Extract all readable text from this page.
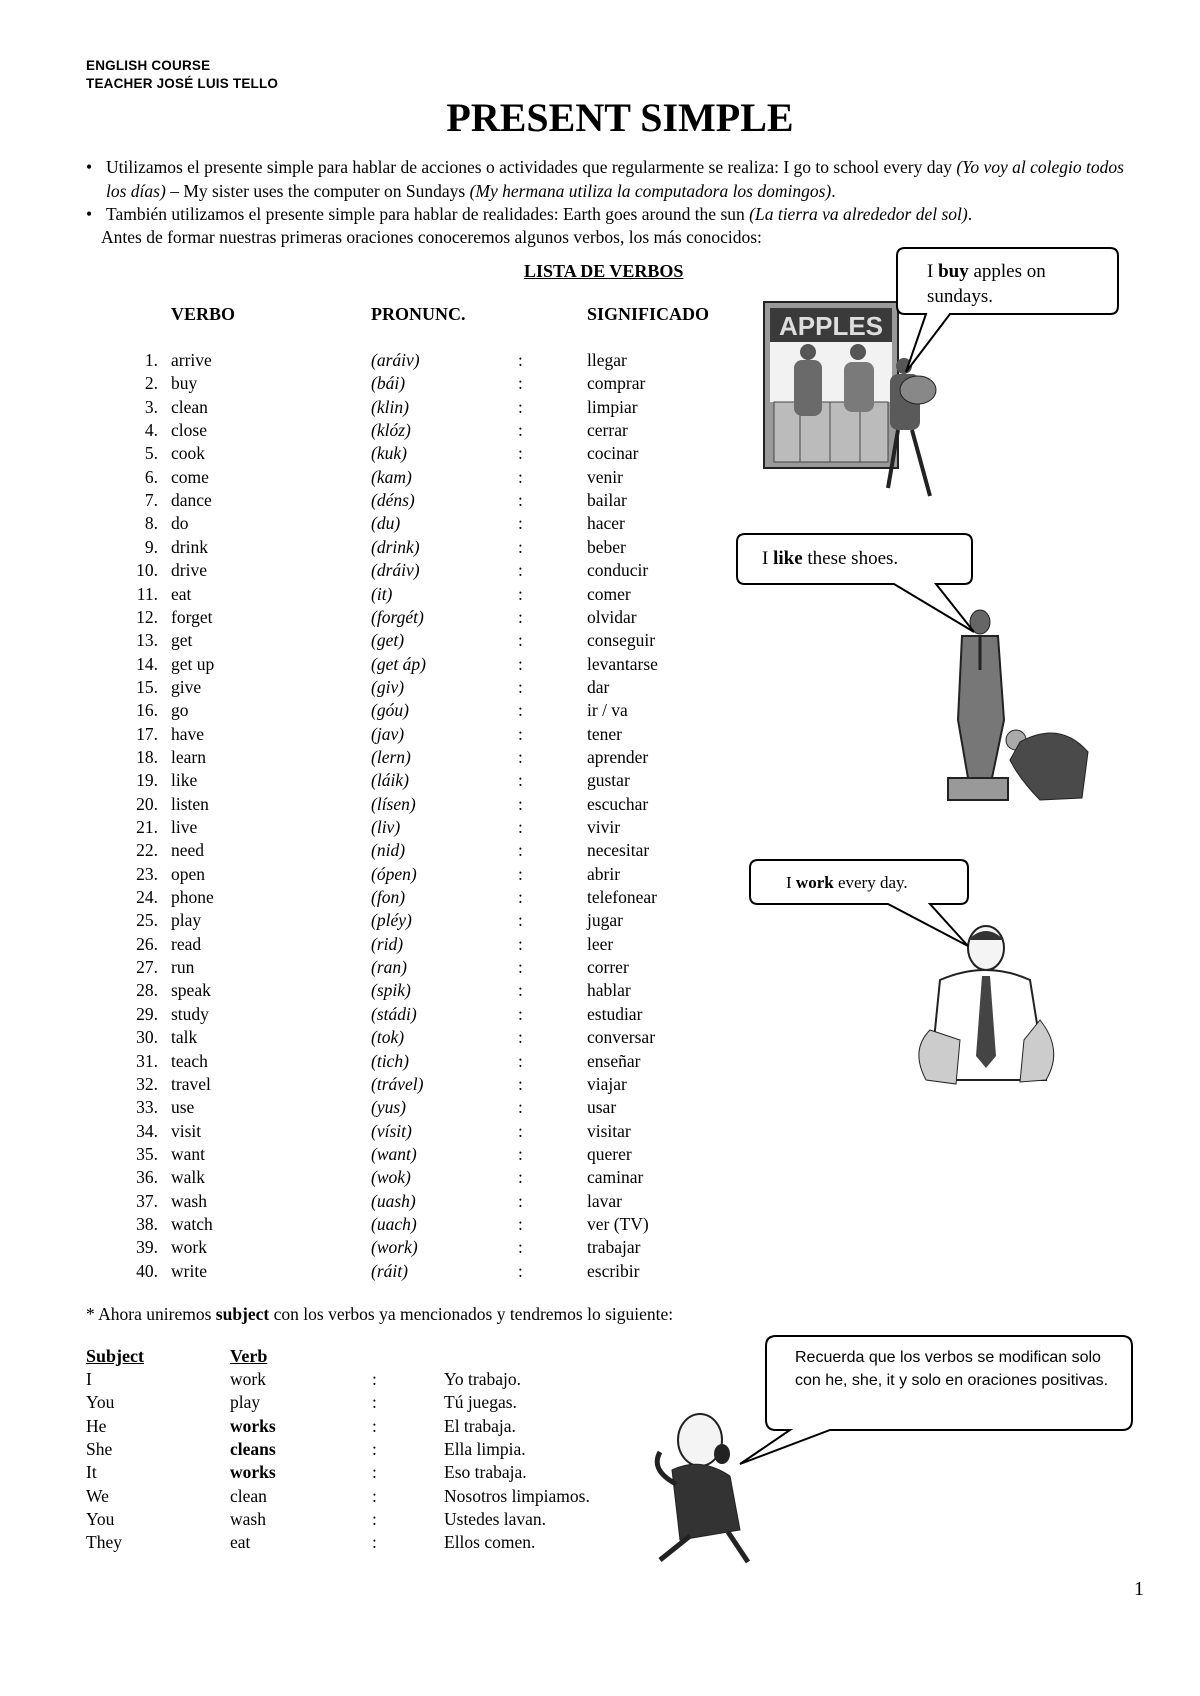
ENGLISH COURSE
TEACHER JOSÉ LUIS TELLO
PRESENT SIMPLE
• Utilizamos el presente simple para hablar de acciones o actividades que regularmente se realiza: I go to school every day (Yo voy al colegio todos los días) – My sister uses the computer on Sundays (My hermana utiliza la computadora los domingos).
• También utilizamos el presente simple para hablar de realidades: Earth goes around the sun (La tierra va alrededor del sol).
Antes de formar nuestras primeras oraciones conoceremos algunos verbos, los más conocidos:
LISTA DE VERBOS
VERBO	PRONUNC.	SIGNIFICADO
1. arrive	(aráiv)	:	llegar
2. buy	(bái)	:	comprar
3. clean	(klin)	:	limpiar
4. close	(klóz)	:	cerrar
5. cook	(kuk)	:	cocinar
6. come	(kam)	:	venir
7. dance	(déns)	:	bailar
8. do	(du)	:	hacer
9. drink	(drink)	:	beber
10. drive	(dráiv)	:	conducir
11. eat	(it)	:	comer
12. forget	(forgét)	:	olvidar
13. get	(get)	:	conseguir
14. get up	(get áp)	:	levantarse
15. give	(giv)	:	dar
16. go	(góu)	:	ir / va
17. have	(jav)	:	tener
18. learn	(lern)	:	aprender
19. like	(láik)	:	gustar
20. listen	(lísen)	:	escuchar
21. live	(liv)	:	vivir
22. need	(nid)	:	necesitar
23. open	(ópen)	:	abrir
24. phone	(fon)	:	telefonear
25. play	(pléy)	:	jugar
26. read	(rid)	:	leer
27. run	(ran)	:	correr
28. speak	(spik)	:	hablar
29. study	(stádi)	:	estudiar
30. talk	(tok)	:	conversar
31. teach	(tich)	:	enseñar
32. travel	(trável)	:	viajar
33. use	(yus)	:	usar
34. visit	(vísit)	:	visitar
35. want	(want)	:	querer
36. walk	(wok)	:	caminar
37. wash	(uash)	:	lavar
38. watch	(uach)	:	ver (TV)
39. work	(work)	:	trabajar
40. write	(ráit)	:	escribir
APPLES
I buy apples on sundays.
I like these shoes.
I work every day.
Recuerda que los verbos se modifican solo con he, she, it y solo en oraciones positivas.
* Ahora uniremos subject con los verbos ya mencionados y tendremos lo siguiente:
Subject	Verb
I	work	:	Yo trabajo.
You	play	:	Tú juegas.
He	works	:	El trabaja.
She	cleans	:	Ella limpia.
It	works	:	Eso trabaja.
We	clean	:	Nosotros limpiamos.
You	wash	:	Ustedes lavan.
They	eat	:	Ellos comen.
1
